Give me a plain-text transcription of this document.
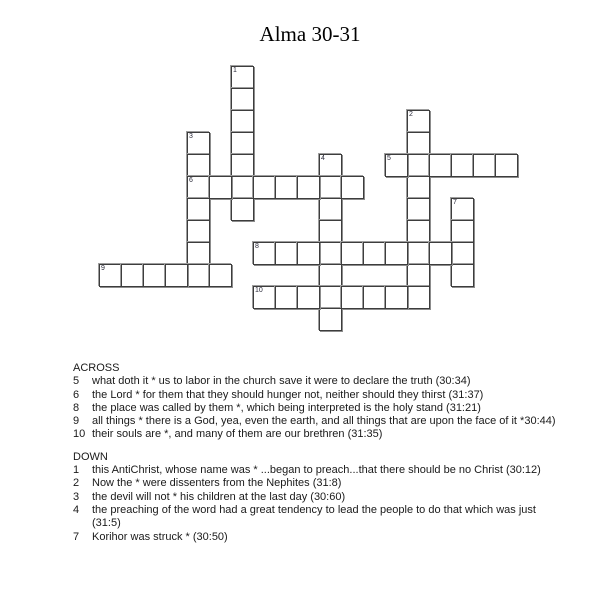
Alma 30-31
1
2
3
6
4	5
7
8
9
10
ACROSS
5	what doth it * us to labor in the church save it were to declare the truth (30:34)
6	the Lord * for them that they should hunger not, neither should they thirst (31:37)
8	the place was called by them *, which being interpreted is the holy stand (31:21)
9	all things * there is a God, yea, even the earth, and all things that are upon the face of it *30:44)
10 their souls are *, and many of them are our brethren (31:35)
DOWN
1	this AntiChrist, whose name was * ...began to preach...that there should be no Christ (30:12)
2	Now the * were dissenters from the Nephites (31:8)
3	the devil will not * his children at the last day (30:60)
4	the preaching of the word had a great tendency to lead the people to do that which was just (31:5)
7	Korihor was struck * (30:50)
